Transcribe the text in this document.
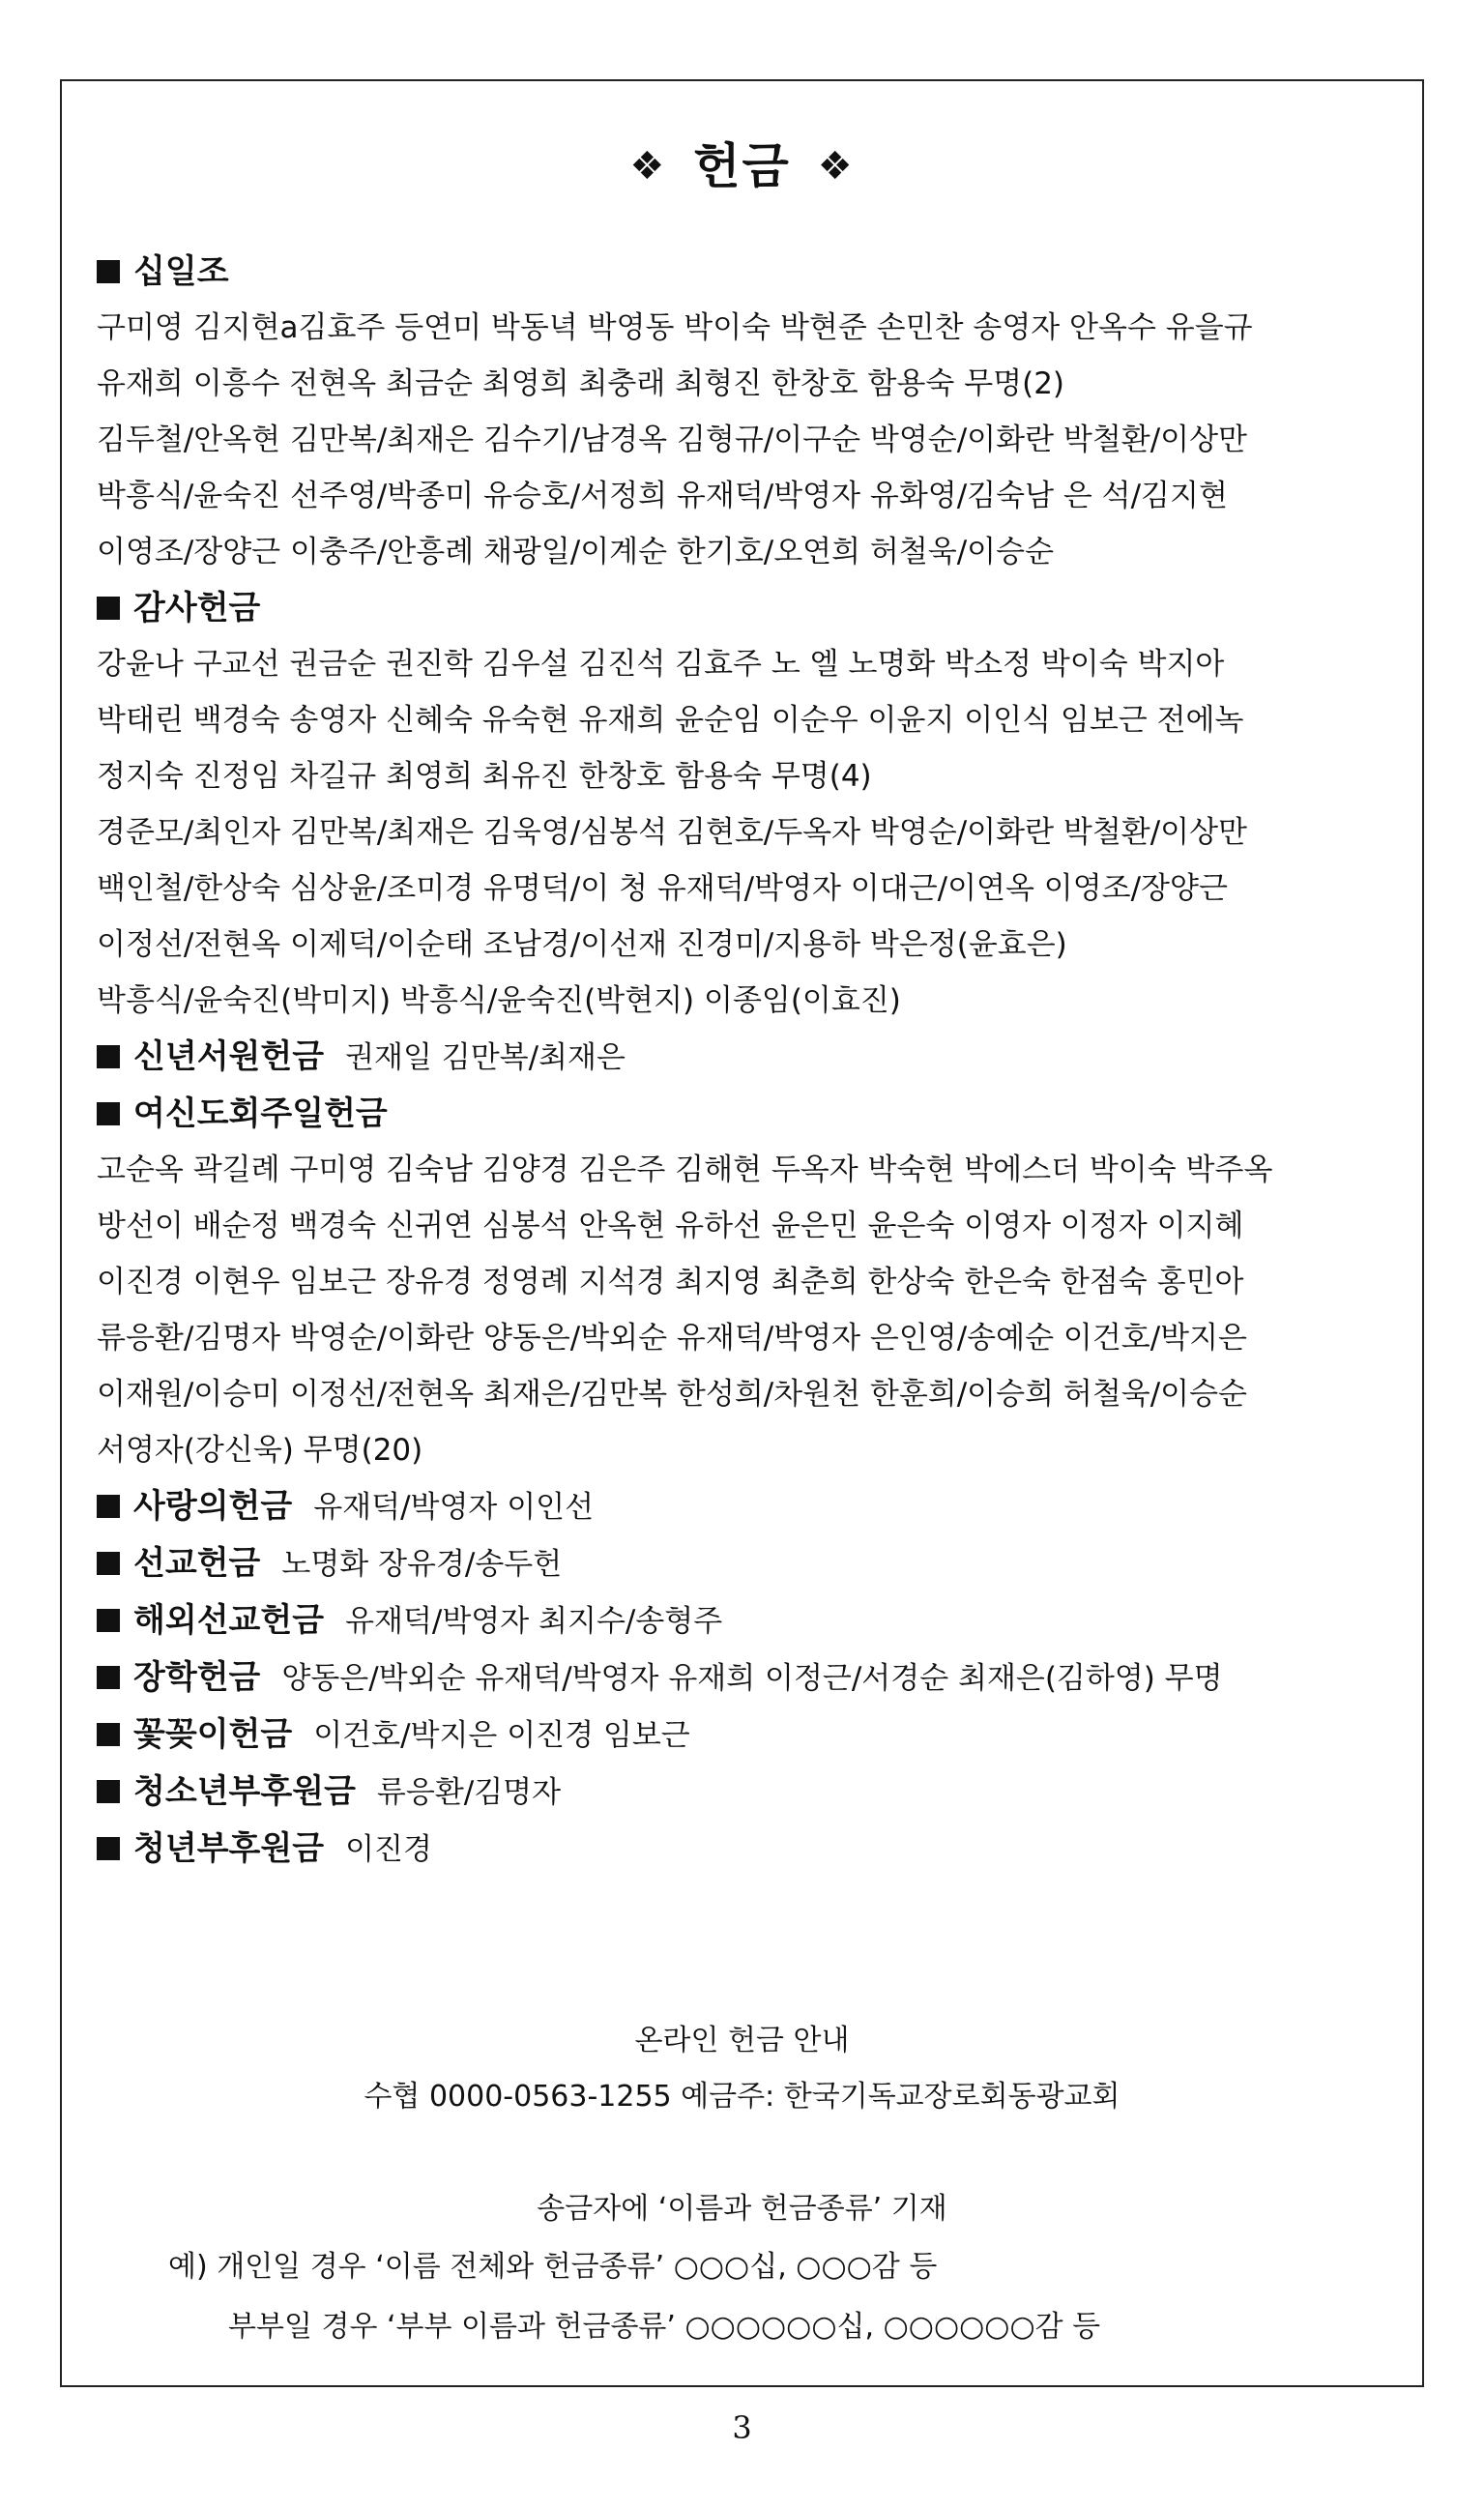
❖ 헌금 ❖
십일조
구미영 김지현a김효주 등연미 박동녁 박영동 박이숙 박현준 손민찬 송영자 안옥수 유을규
유재희 이흥수 전현옥 최금순 최영희 최충래 최형진 한창호 함용숙 무명(2)
김두철/안옥현 김만복/최재은 김수기/남경옥 김형규/이구순 박영순/이화란 박철환/이상만
박흥식/윤숙진 선주영/박종미 유승호/서정희 유재덕/박영자 유화영/김숙남 은 석/김지현
이영조/장양근 이충주/안흥례 채광일/이계순 한기호/오연희 허철욱/이승순
감사헌금
강윤나 구교선 권금순 권진학 김우설 김진석 김효주 노 엘 노명화 박소정 박이숙 박지아
박태린 백경숙 송영자 신혜숙 유숙현 유재희 윤순임 이순우 이윤지 이인식 임보근 전에녹
정지숙 진정임 차길규 최영희 최유진 한창호 함용숙 무명(4)
경준모/최인자 김만복/최재은 김욱영/심봉석 김현호/두옥자 박영순/이화란 박철환/이상만
백인철/한상숙 심상윤/조미경 유명덕/이 청 유재덕/박영자 이대근/이연옥 이영조/장양근
이정선/전현옥 이제덕/이순태 조남경/이선재 진경미/지용하 박은정(윤효은)
박흥식/윤숙진(박미지) 박흥식/윤숙진(박현지) 이종임(이효진)
신년서원헌금 권재일 김만복/최재은
여신도회주일헌금
고순옥 곽길례 구미영 김숙남 김양경 김은주 김해현 두옥자 박숙현 박에스더 박이숙 박주옥
방선이 배순정 백경숙 신귀연 심봉석 안옥현 유하선 윤은민 윤은숙 이영자 이정자 이지혜
이진경 이현우 임보근 장유경 정영례 지석경 최지영 최춘희 한상숙 한은숙 한점숙 홍민아
류응환/김명자 박영순/이화란 양동은/박외순 유재덕/박영자 은인영/송예순 이건호/박지은
이재원/이승미 이정선/전현옥 최재은/김만복 한성희/차원천 한훈희/이승희 허철욱/이승순
서영자(강신욱) 무명(20)
사랑의헌금 유재덕/박영자 이인선
선교헌금 노명화 장유경/송두헌
해외선교헌금 유재덕/박영자 최지수/송형주
장학헌금 양동은/박외순 유재덕/박영자 유재희 이정근/서경순 최재은(김하영) 무명
꽃꽂이헌금 이건호/박지은 이진경 임보근
청소년부후원금 류응환/김명자
청년부후원금 이진경
온라인 헌금 안내
수협 0000-0563-1255 예금주: 한국기독교장로회동광교회
송금자에 ‘이름과 헌금종류’ 기재
예) 개인일 경우 ‘이름 전체와 헌금종류’ ○○○십, ○○○감 등
부부일 경우 ‘부부 이름과 헌금종류’ ○○○○○○십, ○○○○○○감 등
3
